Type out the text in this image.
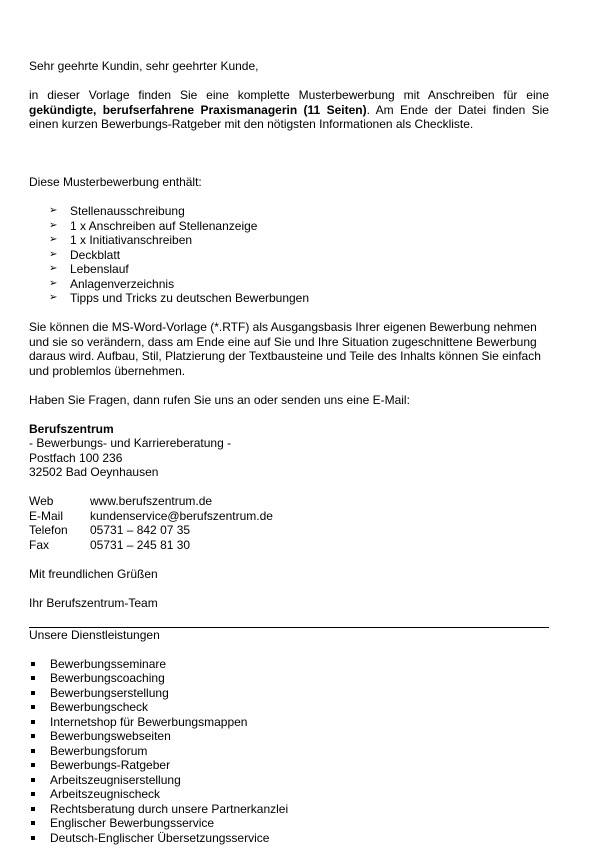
Sehr geehrte Kundin, sehr geehrter Kunde,

in dieser Vorlage finden Sie eine komplette Musterbewerbung mit Anschreiben für eine gekündigte, berufserfahrene Praxismanagerin (11 Seiten). Am Ende der Datei finden Sie einen kurzen Bewerbungs-Ratgeber mit den nötigsten Informationen als Checkliste.

Diese Musterbewerbung enthält:

➢ Stellenausschreibung
➢ 1 x Anschreiben auf Stellenanzeige
➢ 1 x Initiativanschreiben
➢ Deckblatt
➢ Lebenslauf
➢ Anlagenverzeichnis
➢ Tipps und Tricks zu deutschen Bewerbungen

Sie können die MS-Word-Vorlage (*.RTF) als Ausgangsbasis Ihrer eigenen Bewerbung nehmen und sie so verändern, dass am Ende eine auf Sie und Ihre Situation zugeschnittene Bewerbung daraus wird. Aufbau, Stil, Platzierung der Textbausteine und Teile des Inhalts können Sie einfach und problemlos übernehmen.

Haben Sie Fragen, dann rufen Sie uns an oder senden uns eine E-Mail:

Berufszentrum

- Bewerbungs- und Karriereberatung -

Postfach 100 236

32502 Bad Oeynhausen

Web	www.berufszentrum.de
E-Mail	kundenservice@berufszentrum.de
Telefon	05731 – 842 07 35
Fax	05731 – 245 81 30

Mit freundlichen Grüßen

Ihr Berufszentrum-Team

Unsere Dienstleistungen

Bewerbungsseminare
Bewerbungscoaching
Bewerbungserstellung
Bewerbungscheck
Internetshop für Bewerbungsmappen
Bewerbungswebseiten
Bewerbungsforum
Bewerbungs-Ratgeber
Arbeitszeugniserstellung
Arbeitszeugnischeck
Rechtsberatung durch unsere Partnerkanzlei
Englischer Bewerbungsservice
Deutsch-Englischer Übersetzungsservice
